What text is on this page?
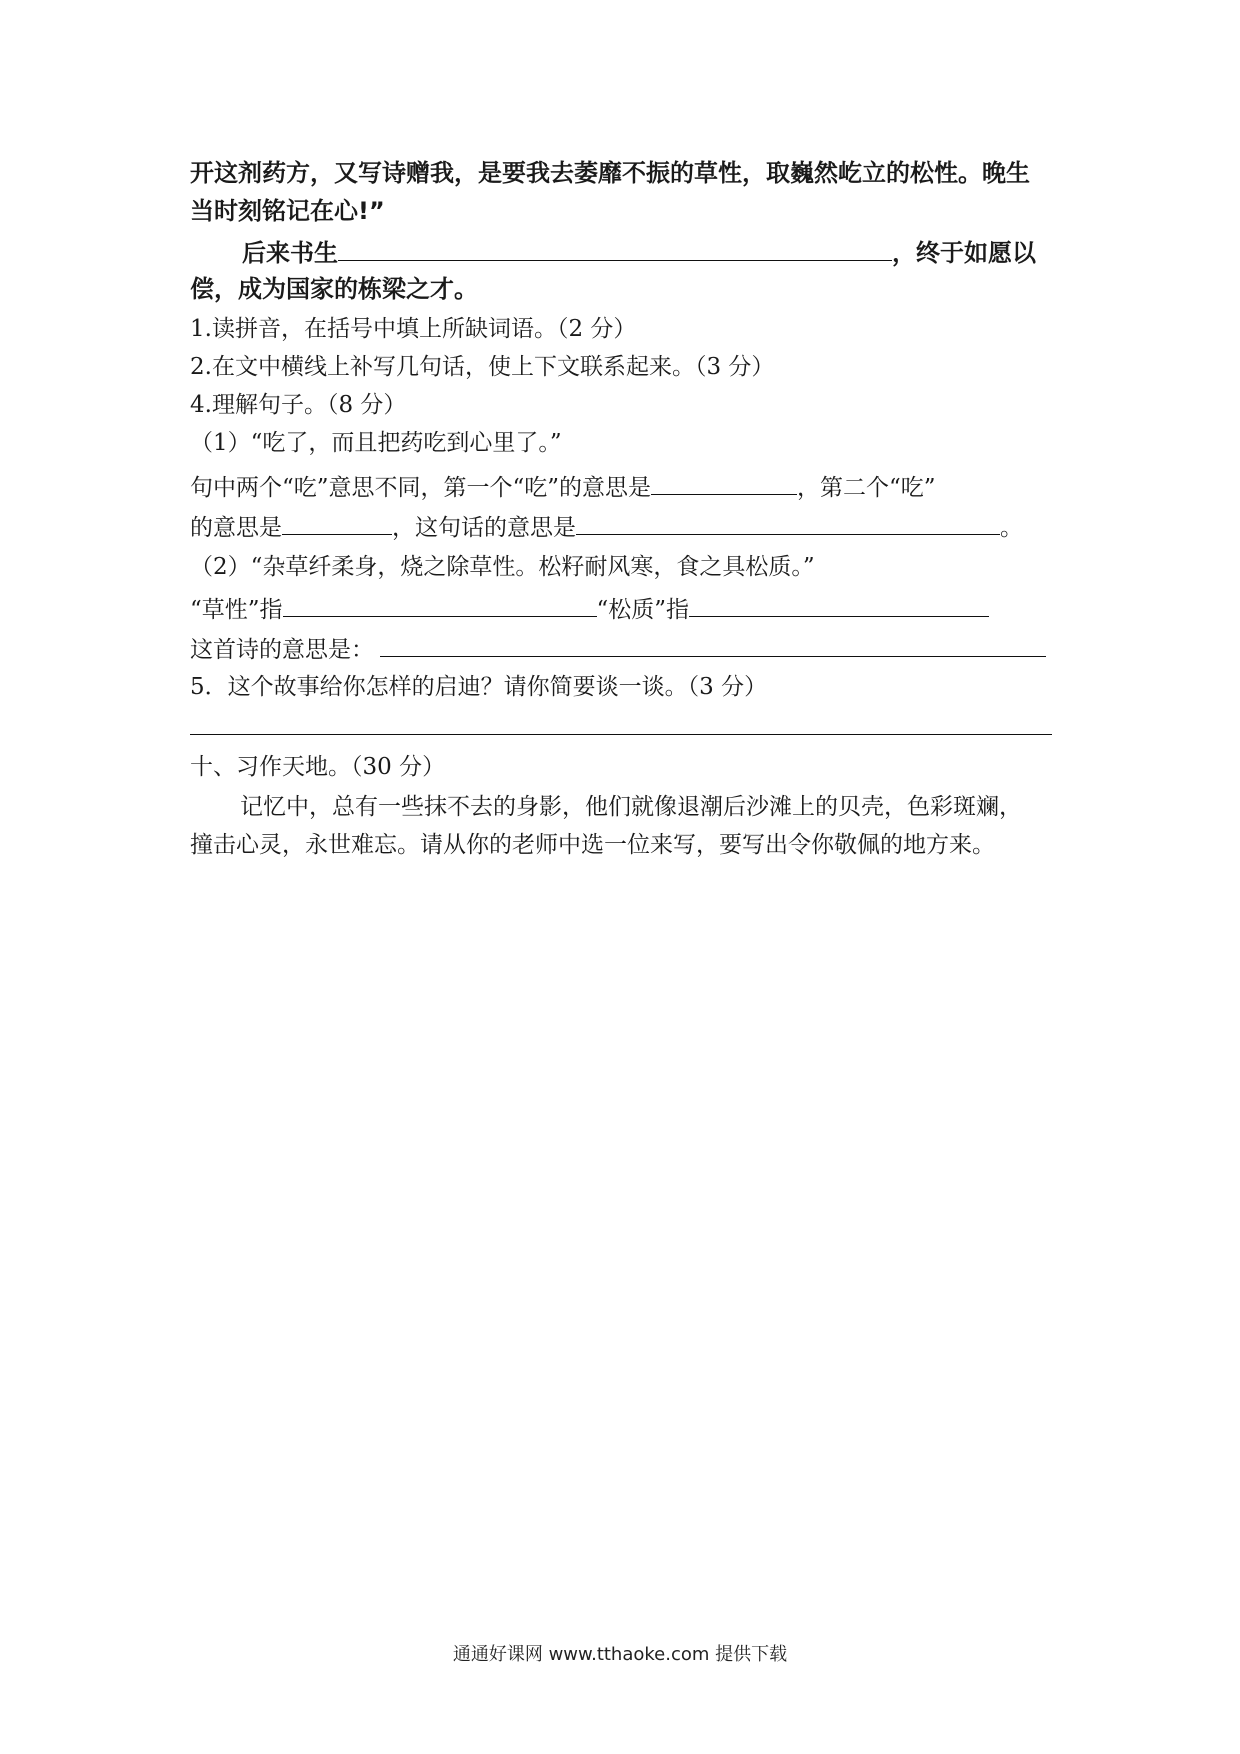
开这剂药方，又写诗赠我，是要我去萎靡不振的草性，取巍然屹立的松性。晚生
当时刻铭记在心!”
后来书生	，终于如愿以
偿，成为国家的栋梁之才。
1.读拼音，在括号中填上所缺词语。（2 分）
2.在文中横线上补写几句话，使上下文联系起来。（3 分）
4.理解句子。（8 分）
（1）“吃了，而且把药吃到心里了。”
句中两个“吃”意思不同，第一个“吃”的意思是	，第二个“吃”
的意思是	，这句话的意思是	。
（2）“杂草纤柔身，烧之除草性。松籽耐风寒，食之具松质。”
“草性”指	“松质”指
这首诗的意思是：
5．这个故事给你怎样的启迪？请你简要谈一谈。（3 分）
十、习作天地。（30 分）
记忆中，总有一些抹不去的身影，他们就像退潮后沙滩上的贝壳，色彩斑斓，
撞击心灵，永世难忘。请从你的老师中选一位来写，要写出令你敬佩的地方来。
通通好课网 www.tthaoke.com 提供下载
